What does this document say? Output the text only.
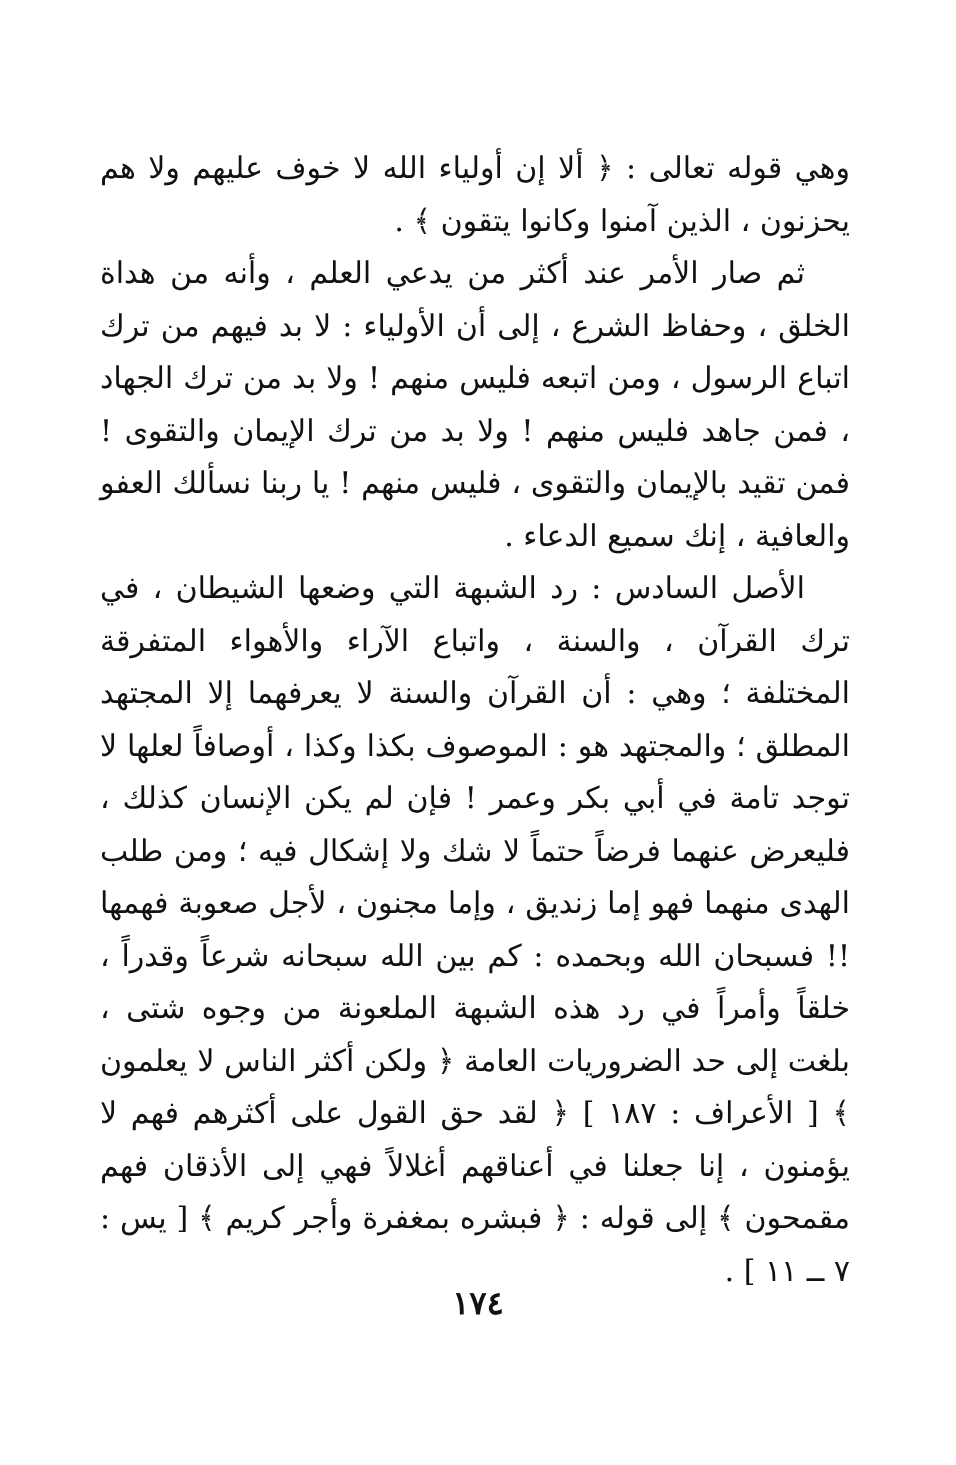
وهي قوله تعالى : ﴿ ألا إن أولياء الله لا خوف عليهم ولا هم يحزنون ، الذين آمنوا وكانوا يتقون ﴾ .

ثم صار الأمر عند أكثر من يدعي العلم ، وأنه من هداة الخلق ، وحفاظ الشرع ، إلى أن الأولياء : لا بد فيهم من ترك اتباع الرسول ، ومن اتبعه فليس منهم ! ولا بد من ترك الجهاد ، فمن جاهد فليس منهم ! ولا بد من ترك الإيمان والتقوى ! فمن تقيد بالإيمان والتقوى ، فليس منهم ! يا ربنا نسألك العفو والعافية ، إنك سميع الدعاء .

الأصل السادس : رد الشبهة التي وضعها الشيطان ، في ترك القرآن ، والسنة ، واتباع الآراء والأهواء المتفرقة المختلفة ؛ وهي : أن القرآن والسنة لا يعرفهما إلا المجتهد المطلق ؛ والمجتهد هو : الموصوف بكذا وكذا ، أوصافاً لعلها لا توجد تامة في أبي بكر وعمر ! فإن لم يكن الإنسان كذلك ، فليعرض عنهما فرضاً حتماً لا شك ولا إشكال فيه ؛ ومن طلب الهدى منهما فهو إما زنديق ، وإما مجنون ، لأجل صعوبة فهمها !! فسبحان الله وبحمده : كم بين الله سبحانه شرعاً وقدراً ، خلقاً وأمراً في رد هذه الشبهة الملعونة من وجوه شتى ، بلغت إلى حد الضروريات العامة ﴿ ولكن أكثر الناس لا يعلمون ﴾ [ الأعراف : ١٨٧ ] ﴿ لقد حق القول على أكثرهم فهم لا يؤمنون ، إنا جعلنا في أعناقهم أغلالاً فهي إلى الأذقان فهم مقمحون ﴾ إلى قوله : ﴿ فبشره بمغفرة وأجر كريم ﴾ [ يس : ٧ ــ ١١ ] .

١٧٤
